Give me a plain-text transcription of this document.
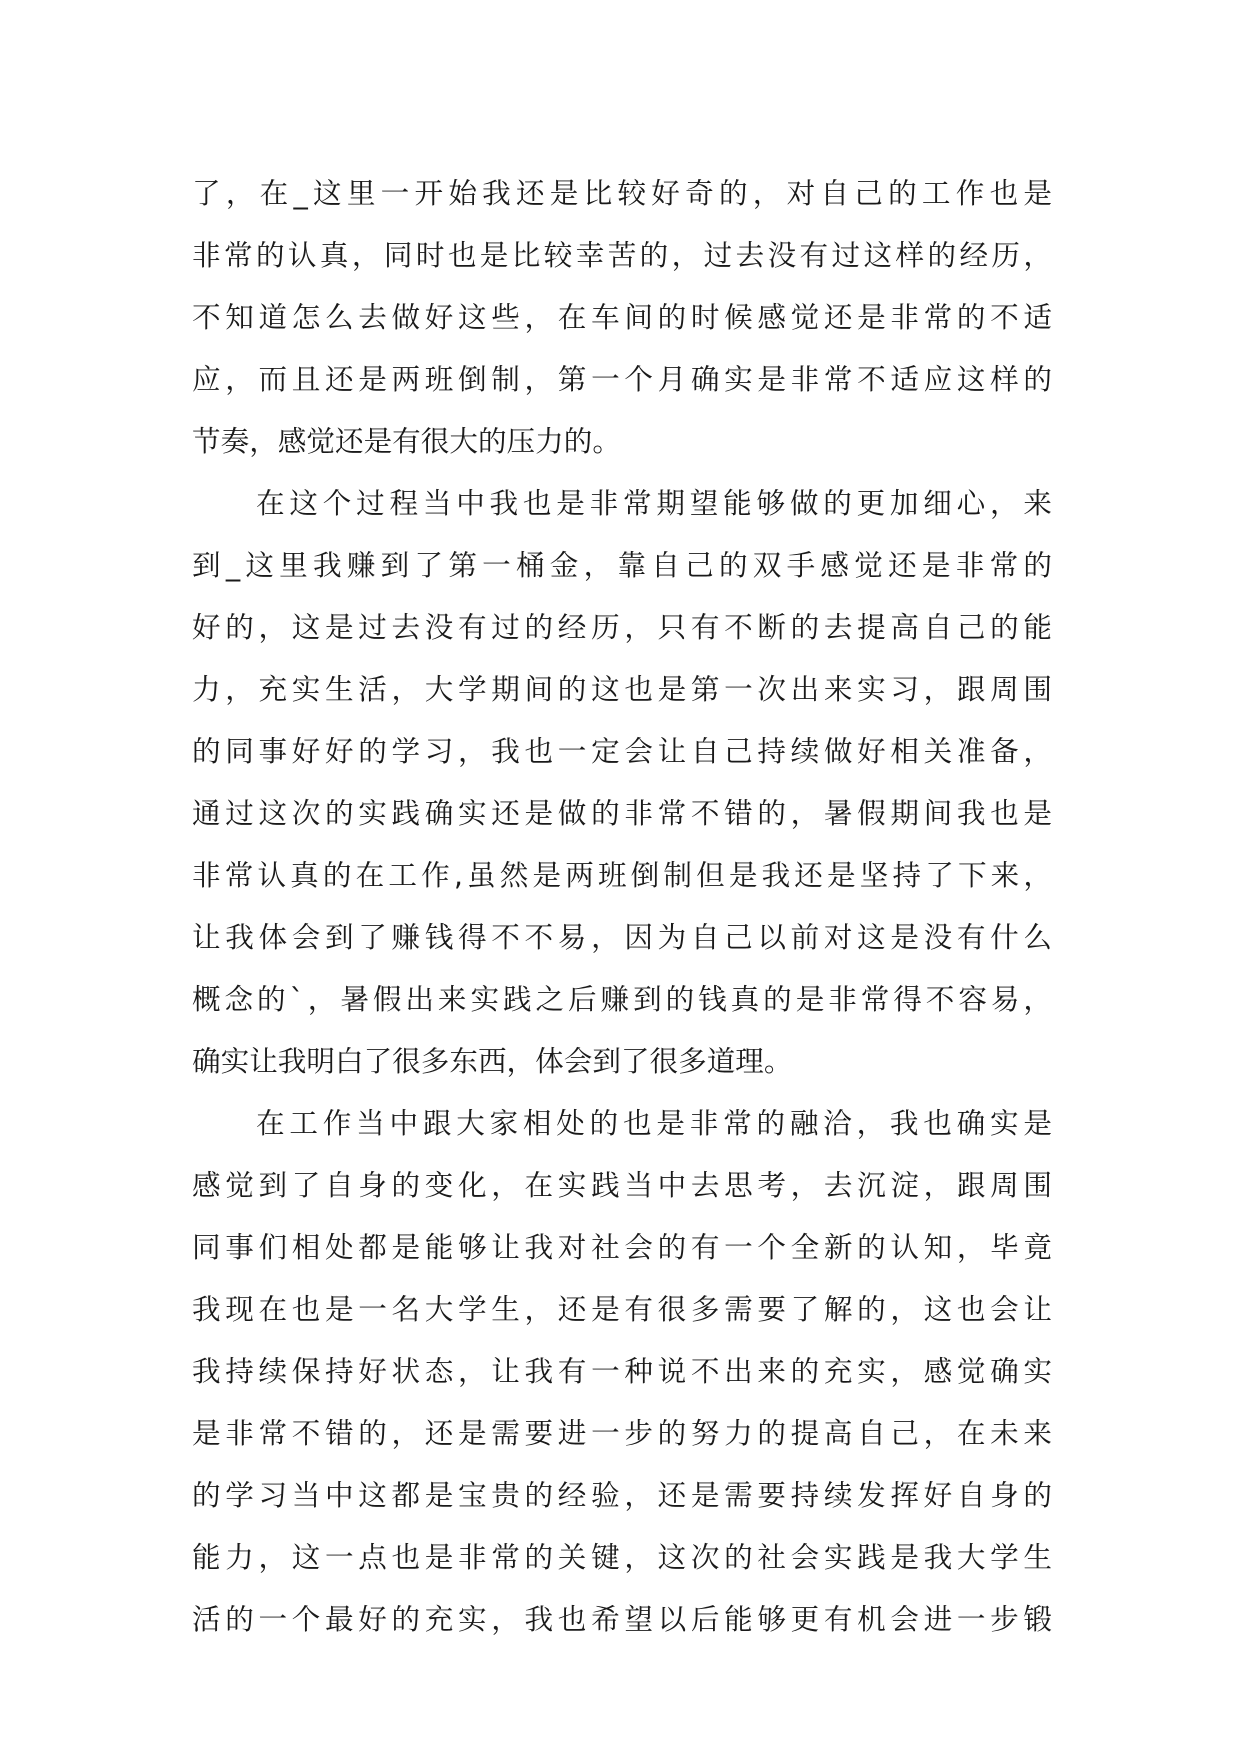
了，在_这里一开始我还是比较好奇的，对自己的工作也是
非常的认真，同时也是比较幸苦的，过去没有过这样的经历，
不知道怎么去做好这些，在车间的时候感觉还是非常的不适
应，而且还是两班倒制，第一个月确实是非常不适应这样的
节奏，感觉还是有很大的压力的。
在这个过程当中我也是非常期望能够做的更加细心，来
到_这里我赚到了第一桶金，靠自己的双手感觉还是非常的
好的，这是过去没有过的经历，只有不断的去提高自己的能
力，充实生活，大学期间的这也是第一次出来实习，跟周围
的同事好好的学习，我也一定会让自己持续做好相关准备，
通过这次的实践确实还是做的非常不错的，暑假期间我也是
非常认真的在工作,虽然是两班倒制但是我还是坚持了下来，
让我体会到了赚钱得不不易，因为自己以前对这是没有什么
概念的`，暑假出来实践之后赚到的钱真的是非常得不容易，
确实让我明白了很多东西，体会到了很多道理。
在工作当中跟大家相处的也是非常的融洽，我也确实是
感觉到了自身的变化，在实践当中去思考，去沉淀，跟周围
同事们相处都是能够让我对社会的有一个全新的认知，毕竟
我现在也是一名大学生，还是有很多需要了解的，这也会让
我持续保持好状态，让我有一种说不出来的充实，感觉确实
是非常不错的，还是需要进一步的努力的提高自己，在未来
的学习当中这都是宝贵的经验，还是需要持续发挥好自身的
能力，这一点也是非常的关键，这次的社会实践是我大学生
活的一个最好的充实，我也希望以后能够更有机会进一步锻
